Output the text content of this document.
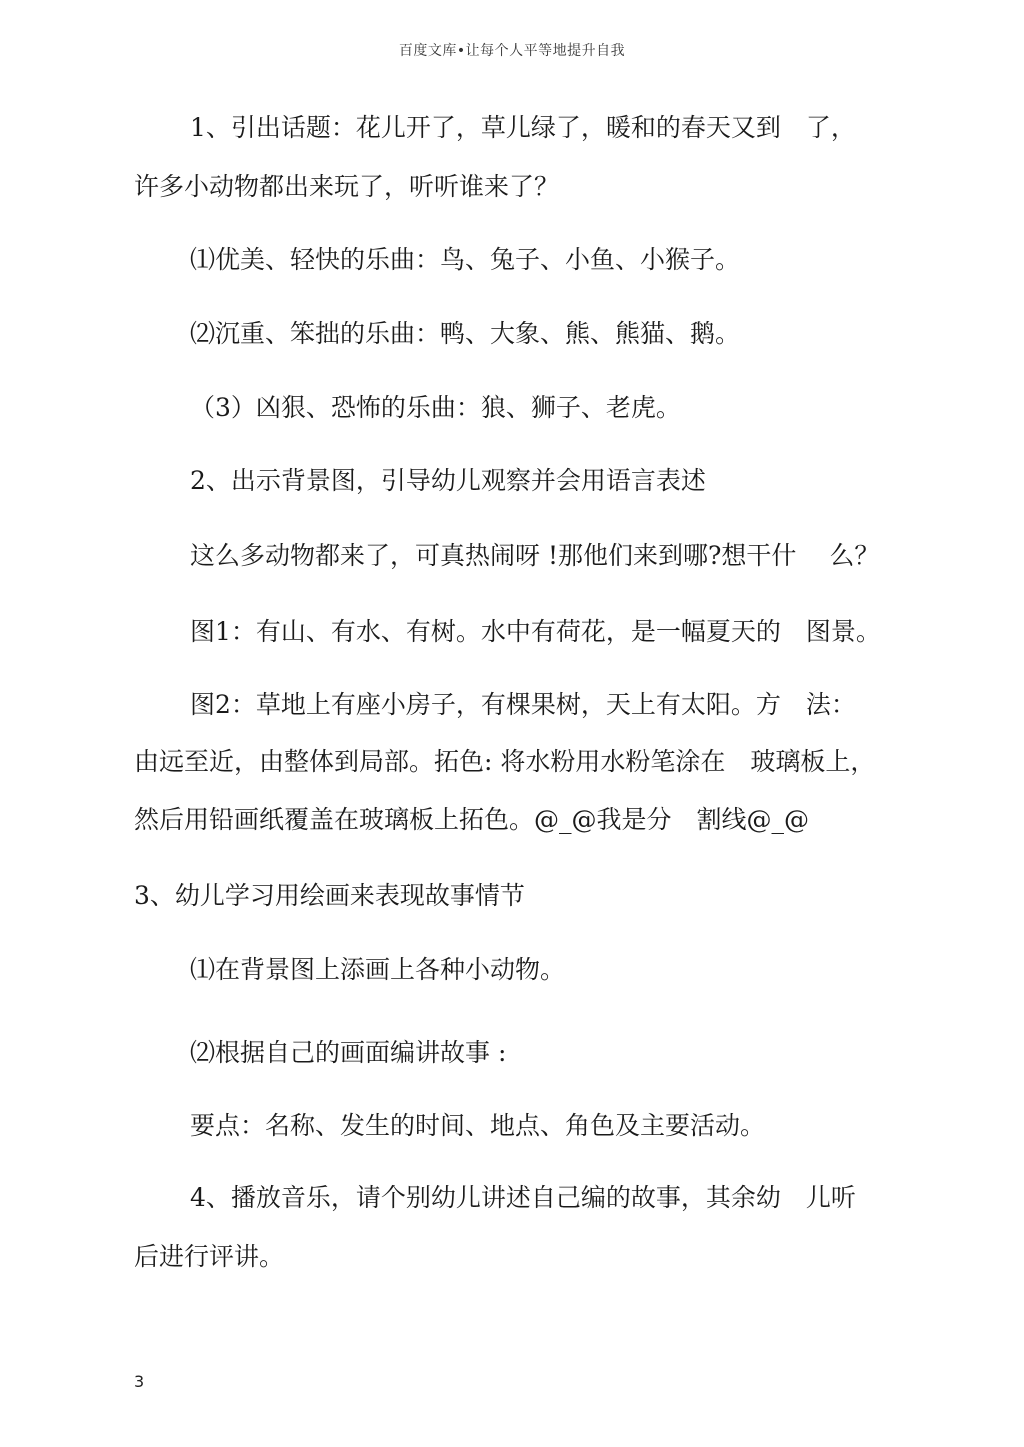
百度文库•让每个人平等地提升自我
1、引出话题：花儿开了，草儿绿了，暖和的春天又到　了，
许多小动物都出来玩了，听听谁来了？
⑴优美、轻快的乐曲：鸟、兔子、小鱼、小猴子。
⑵沉重、笨拙的乐曲：鸭、大象、熊、熊猫、鹅。
（3）凶狠、恐怖的乐曲：狼、狮子、老虎。
2、出示背景图，引导幼儿观察并会用语言表述
这么多动物都来了，可真热闹呀 !那他们来到哪?想干什　 么？
图1：有山、有水、有树。水中有荷花，是一幅夏天的　图景。
图2：草地上有座小房子，有棵果树，天上有太阳。方　法：
由远至近，由整体到局部。拓色: 将水粉用水粉笔涂在　玻璃板上，
然后用铅画纸覆盖在玻璃板上拓色。@_@我是分　割线@_@
3、幼儿学习用绘画来表现故事情节
⑴在背景图上添画上各种小动物。
⑵根据自己的画面编讲故事 :
要点：名称、发生的时间、地点、角色及主要活动。
4、播放音乐，请个别幼儿讲述自己编的故事，其余幼　儿听
后进行评讲。
3
